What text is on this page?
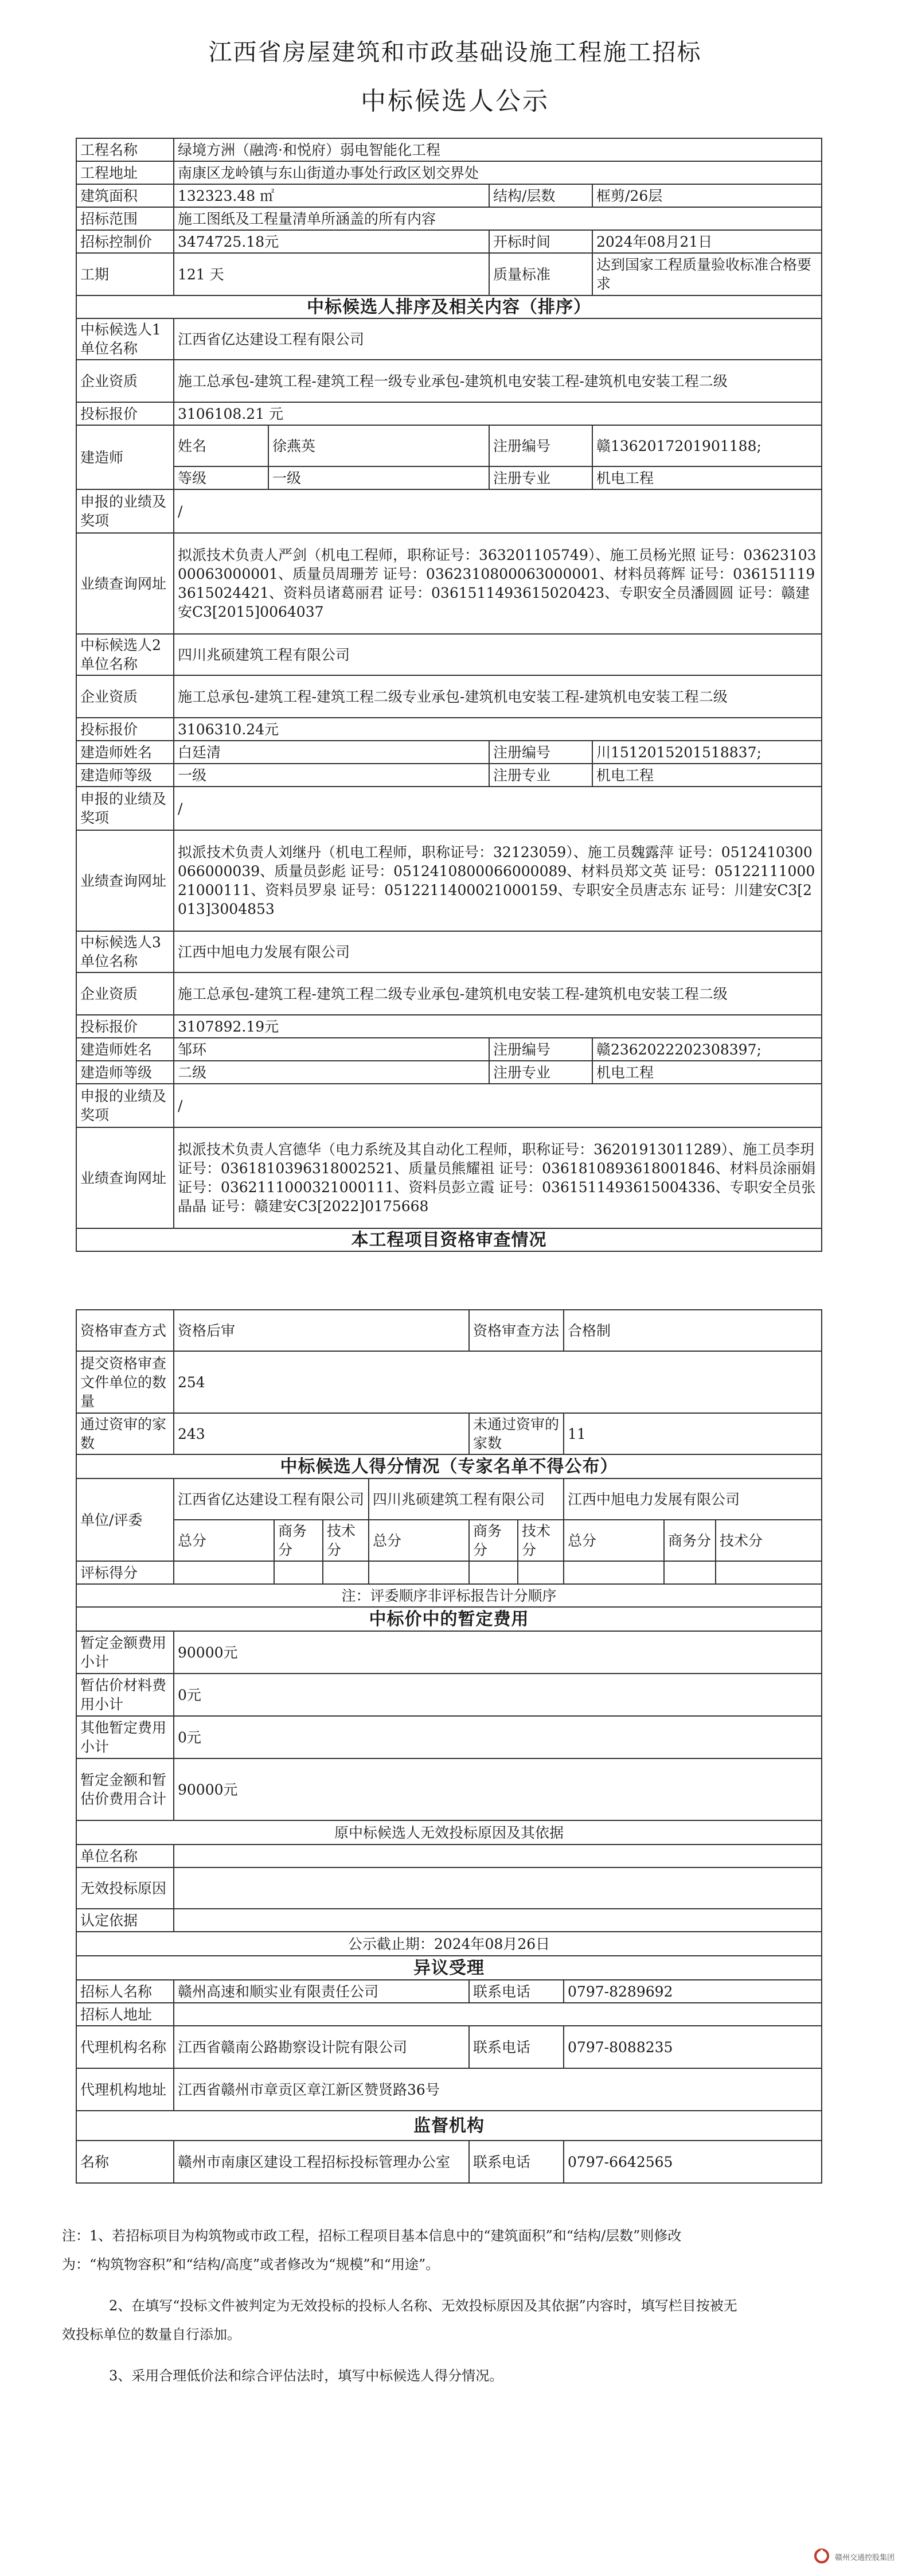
江西省房屋建筑和市政基础设施工程施工招标
中标候选人公示
工程名称	绿境方洲（融湾·和悦府）弱电智能化工程			
工程地址	南康区龙岭镇与东山街道办事处行政区划交界处			
建筑面积	132323.48 ㎡		结构/层数	框剪/26层
招标范围	施工图纸及工程量清单所涵盖的所有内容			
招标控制价	3474725.18元		开标时间	2024年08月21日
工期	121 天		质量标准	达到国家工程质量验收标准合格要求
中标候选人排序及相关内容（排序）				
中标候选人1单位名称	江西省亿达建设工程有限公司			
企业资质	施工总承包-建筑工程-建筑工程一级专业承包-建筑机电安装工程-建筑机电安装工程二级			
投标报价	3106108.21 元			
建造师	姓名	徐燕英	注册编号	赣1362017201901188;
	等级	一级	注册专业	机电工程
申报的业绩及奖项	/			
业绩查询网址	拟派技术负责人严剑（机电工程师，职称证号：363201105749）、施工员杨光照 证号：0362310300063000001、质量员周珊芳 证号：0362310800063000001、材料员蒋辉 证号：0361511193615024421、资料员诸葛丽君 证号：0361511493615020423、专职安全员潘圆圆 证号：赣建安C3[2015]0064037			
中标候选人2单位名称	四川兆硕建筑工程有限公司			
企业资质	施工总承包-建筑工程-建筑工程二级专业承包-建筑机电安装工程-建筑机电安装工程二级			
投标报价	3106310.24元			
建造师姓名	白廷清		注册编号	川1512015201518837;
建造师等级	一级		注册专业	机电工程
申报的业绩及奖项	/			
业绩查询网址	拟派技术负责人刘继丹（机电工程师，职称证号：32123059）、施工员魏露萍 证号：0512410300066000039、质量员彭彪 证号：0512410800066000089、材料员郑文英 证号：0512211100021000111、资料员罗泉 证号：0512211400021000159、专职安全员唐志东 证号：川建安C3[2013]3004853			
中标候选人3单位名称	江西中旭电力发展有限公司			
企业资质	施工总承包-建筑工程-建筑工程二级专业承包-建筑机电安装工程-建筑机电安装工程二级			
投标报价	3107892.19元			
建造师姓名	邹环		注册编号	赣2362022202308397;
建造师等级	二级		注册专业	机电工程
申报的业绩及奖项	/			
业绩查询网址	拟派技术负责人宫德华（电力系统及其自动化工程师，职称证号：36201913011289）、施工员李玥 证号：0361810396318002521、质量员熊耀祖 证号：0361810893618001846、材料员涂丽娟 证号：0362111000321000111、资料员彭立霞 证号：0361511493615004336、专职安全员张晶晶 证号：赣建安C3[2022]0175668			
本工程项目资格审查情况				
资格审查方式	资格后审				资格审查方法		合格制		
提交资格审查文件单位的数量	254								
通过资审的家数	243				未通过资审的家数		11		
中标候选人得分情况（专家名单不得公布）									
单位/评委	江西省亿达建设工程有限公司			四川兆硕建筑工程有限公司			江西中旭电力发展有限公司		
	总分	商务分	技术分	总分	商务分	技术分	总分	商务分	技术分
评标得分									
注：评委顺序非评标报告计分顺序									
中标价中的暂定费用									
暂定金额费用小计	90000元								
暂估价材料费用小计	0元								
其他暂定费用小计	0元								
暂定金额和暂估价费用合计	90000元								
原中标候选人无效投标原因及其依据									
单位名称									
无效投标原因									
认定依据									
公示截止期：2024年08月26日									
异议受理									
招标人名称	赣州高速和顺实业有限责任公司				联系电话		0797-8289692		
招标人地址									
代理机构名称	江西省赣南公路勘察设计院有限公司				联系电话		0797-8088235		
代理机构地址	江西省赣州市章贡区章江新区赞贤路36号								
监督机构									
名称	赣州市南康区建设工程招标投标管理办公室				联系电话		0797-6642565		
注：1、若招标项目为构筑物或市政工程，招标工程项目基本信息中的“建筑面积”和“结构/层数”则修改
为：“构筑物容积”和“结构/高度”或者修改为“规模”和“用途”。
2、在填写“投标文件被判定为无效投标的投标人名称、无效投标原因及其依据”内容时，填写栏目按被无
效投标单位的数量自行添加。
3、采用合理低价法和综合评估法时，填写中标候选人得分情况。
赣州交通控股集团
